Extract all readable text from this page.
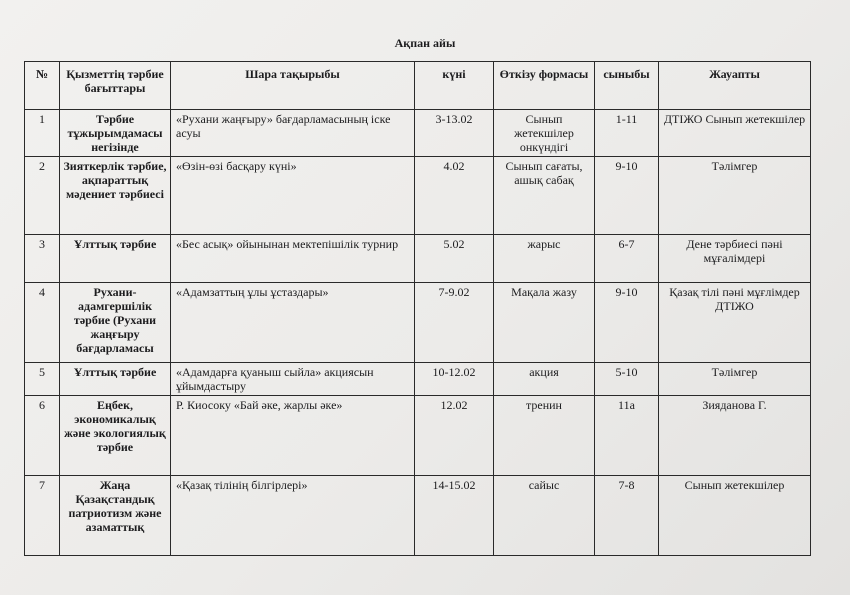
Ақпан айы
№	Қызметтің тәрбие бағыттары	Шара тақырыбы	күні	Өткізу формасы	сыныбы	Жауапты
1	Тәрбие тұжырымдамасы негізінде	«Рухани жаңғыру» бағдарламасының іске асуы	3-13.02	Сынып жетекшілер онкүндігі	1-11	ДТІЖО Сынып жетекшілер
2	Зияткерлік тәрбие, ақпараттық мәдениет тәрбиесі	«Өзін-өзі басқару күні»	4.02	Сынып сағаты, ашық сабақ	9-10	Тәлімгер
3	Ұлттық тәрбие	«Бес асық» ойынынан мектепішілік турнир	5.02	жарыс	6-7	Дене тәрбиесі пәні мұғалімдері
4	Рухани-адамгершілік тәрбие (Рухани жаңғыру бағдарламасы	«Адамзаттың ұлы ұстаздары»	7-9.02	Мақала жазу	9-10	Қазақ тілі пәні мұғлімдер ДТІЖО
5	Ұлттық тәрбие	«Адамдарға қуаныш сыйла» акциясын ұйымдастыру	10-12.02	акция	5-10	Тәлімгер
6	Еңбек, экономикалық және экологиялық тәрбие	Р. Киосоку «Бай әке, жарлы әке»	12.02	тренин	11а	Зияданова Г.
7	Жаңа Қазақстандық патриотизм және азаматтық	«Қазақ тілінің білгірлері»	14-15.02	сайыс	7-8	Сынып жетекшілер
